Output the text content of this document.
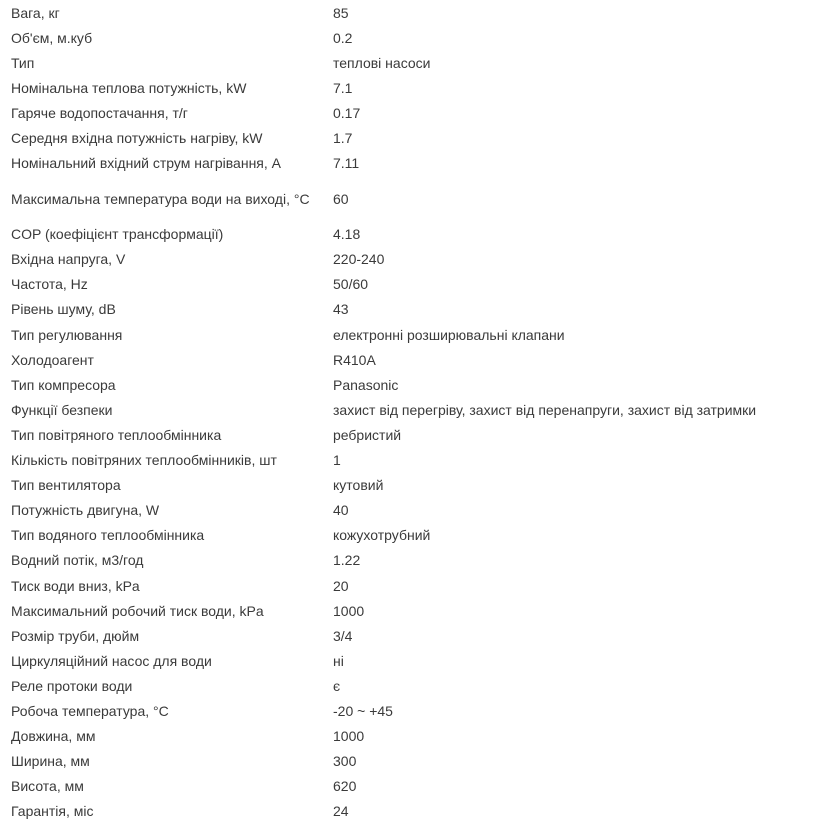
Вага, кг	85
Об'єм, м.куб	0.2
Тип	теплові насоси
Номінальна теплова потужність, kW	7.1
Гаряче водопостачання, т/г	0.17
Середня вхідна потужність нагріву, kW	1.7
Номінальний вхідний струм нагрівання, А	7.11
Максимальна температура води на виході, °С	60
COP (коефіцієнт трансформації)	4.18
Вхідна напруга, V	220-240
Частота, Hz	50/60
Рівень шуму, dB	43
Тип регулювання	електронні розширювальні клапани
Холодоагент	R410A
Тип компресора	Panasonic
Функції безпеки	захист від перегріву, захист від перенапруги, захист від затримки
Тип повітряного теплообмінника	ребристий
Кількість повітряних теплообмінників, шт	1
Тип вентилятора	кутовий
Потужність двигуна, W	40
Тип водяного теплообмінника	кожухотрубний
Водний потік, м3/год	1.22
Тиск води вниз, kPa	20
Максимальний робочий тиск води, kPa	1000
Розмір труби, дюйм	3/4
Циркуляційний насос для води	ні
Реле протоки води	є
Робоча температура, °С	-20 ~ +45
Довжина, мм	1000
Ширина, мм	300
Висота, мм	620
Гарантія, міс	24
